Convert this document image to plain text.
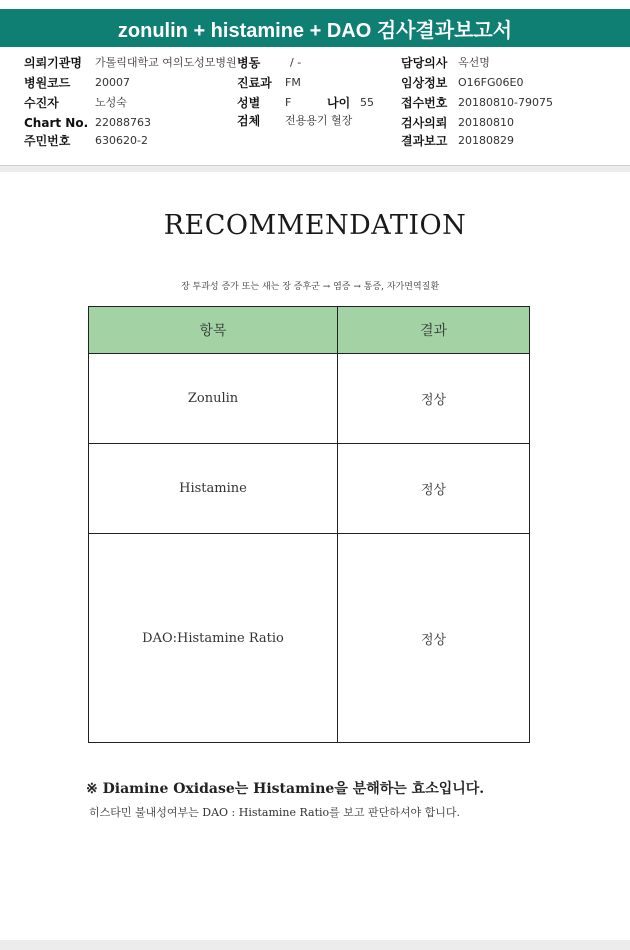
zonulin + histamine + DAO 검사결과보고서
의뢰기관명 가톨릭대학교 여의도성모병원 병동	/ -	담당의사 옥선명
병원코드 20007	진료과 FM	임상정보 O16FG06E0
수진자	노성숙	성별 F	나이 55 접수번호 20180810-79075
Chart No. 22088763	검체 전용용기 혈장	검사의뢰 20180810
주민번호 630620-2	결과보고 20180829
RECOMMENDATION
장 투과성 증가 또는 새는 장 증후군 → 염증 → 통증, 자가면역질환
항목	결과
Zonulin	정상
Histamine	정상
DAO:Histamine Ratio	정상
※ Diamine Oxidase는 Histamine을 분해하는 효소입니다.
히스타민 불내성여부는 DAO : Histamine Ratio를 보고 판단하셔야 합니다.
